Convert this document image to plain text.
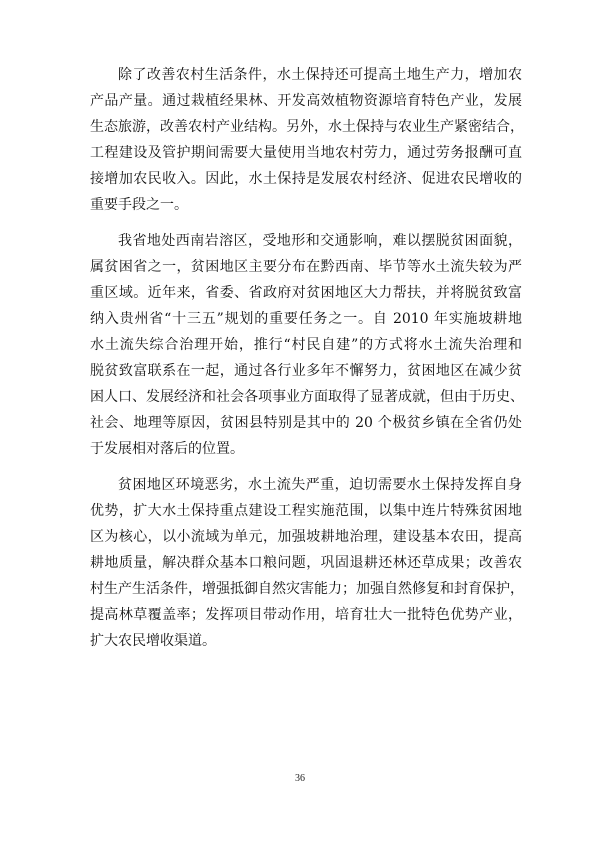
除了改善农村生活条件，水土保持还可提高土地生产力，增加农
产品产量。通过栽植经果林、开发高效植物资源培育特色产业，发展
生态旅游，改善农村产业结构。另外，水土保持与农业生产紧密结合，
工程建设及管护期间需要大量使用当地农村劳力，通过劳务报酬可直
接增加农民收入。因此，水土保持是发展农村经济、促进农民增收的
重要手段之一。

我省地处西南岩溶区，受地形和交通影响，难以摆脱贫困面貌，
属贫困省之一，贫困地区主要分布在黔西南、毕节等水土流失较为严
重区域。近年来，省委、省政府对贫困地区大力帮扶，并将脱贫致富
纳入贵州省“十三五”规划的重要任务之一。自 2010 年实施坡耕地
水土流失综合治理开始，推行“村民自建”的方式将水土流失治理和
脱贫致富联系在一起，通过各行业多年不懈努力，贫困地区在减少贫
困人口、发展经济和社会各项事业方面取得了显著成就，但由于历史、
社会、地理等原因，贫困县特别是其中的 20 个极贫乡镇在全省仍处
于发展相对落后的位置。

贫困地区环境恶劣，水土流失严重，迫切需要水土保持发挥自身
优势，扩大水土保持重点建设工程实施范围，以集中连片特殊贫困地
区为核心，以小流域为单元，加强坡耕地治理，建设基本农田，提高
耕地质量，解决群众基本口粮问题，巩固退耕还林还草成果；改善农
村生产生活条件，增强抵御自然灾害能力；加强自然修复和封育保护，
提高林草覆盖率；发挥项目带动作用，培育壮大一批特色优势产业，
扩大农民增收渠道。

36
